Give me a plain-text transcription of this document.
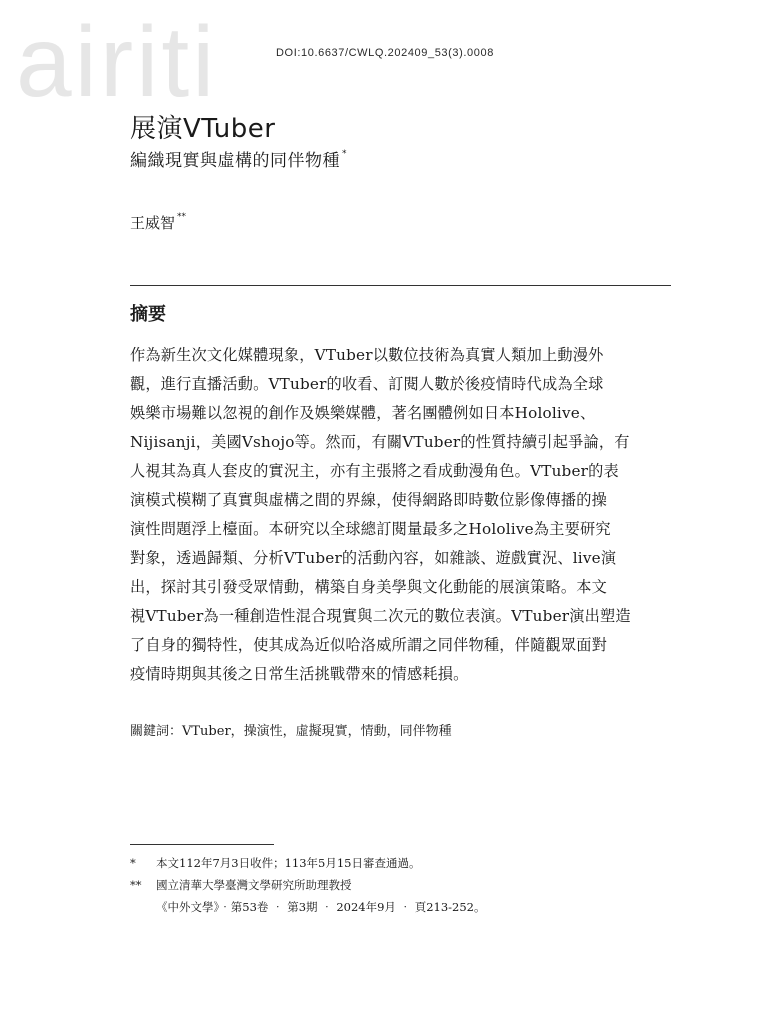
airiti	DOI:10.6637/CWLQ.202409_53(3).0008
展演VTuber
編織現實與虛構的同伴物種 *
王威智 **
摘要
作為新生次文化媒體現象，VTuber以數位技術為真實人類加上動漫外
觀，進行直播活動。VTuber的收看、訂閱人數於後疫情時代成為全球
娛樂市場難以忽視的創作及娛樂媒體，著名團體例如日本Hololive、
Nijisanji，美國Vshojo等。然而，有關VTuber的性質持續引起爭論，有
人視其為真人套皮的實況主，亦有主張將之看成動漫角色。VTuber的表
演模式模糊了真實與虛構之間的界線，使得網路即時數位影像傳播的操
演性問題浮上檯面。本研究以全球總訂閱量最多之Hololive為主要研究
對象，透過歸類、分析VTuber的活動內容，如雜談、遊戲實況、live演
出，探討其引發受眾情動，構築自身美學與文化動能的展演策略。本文
視VTuber為一種創造性混合現實與二次元的數位表演。VTuber演出塑造
了自身的獨特性，使其成為近似哈洛威所謂之同伴物種，伴隨觀眾面對
疫情時期與其後之日常生活挑戰帶來的情感耗損。
關鍵詞：VTuber，操演性，虛擬現實，情動，同伴物種
* 本文112年7月3日收件；113年5月15日審查通過。
** 國立清華大學臺灣文學研究所助理教授
《中外文學》‧第53卷 ‧ 第3期 ‧ 2024年9月 ‧ 頁213-252。
